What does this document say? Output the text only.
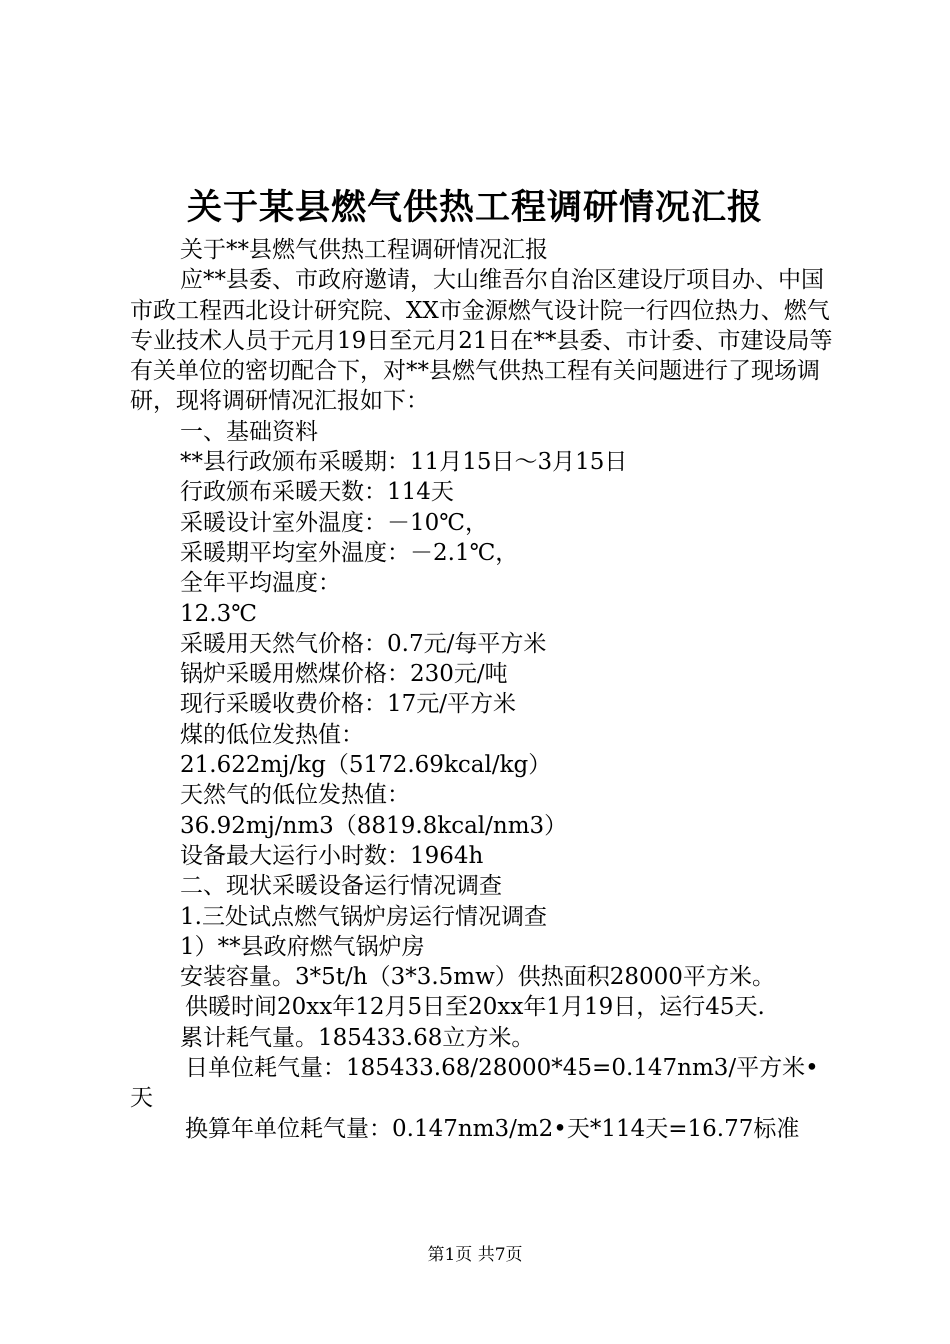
关于某县燃气供热工程调研情况汇报

关于**县燃气供热工程调研情况汇报

应**县委、市政府邀请，大山维吾尔自治区建设厅项目办、中国市政工程西北设计研究院、XX市金源燃气设计院一行四位热力、燃气专业技术人员于元月19日至元月21日在**县委、市计委、市建设局等有关单位的密切配合下，对**县燃气供热工程有关问题进行了现场调研，现将调研情况汇报如下：

一、基础资料

**县行政颁布采暖期：11月15日～3月15日

行政颁布采暖天数：114天

采暖设计室外温度：－10℃，

采暖期平均室外温度：－2.1℃，

全年平均温度：

12.3℃

采暖用天然气价格：0.7元/每平方米

锅炉采暖用燃煤价格：230元/吨

现行采暖收费价格：17元/平方米

煤的低位发热值：

21.622mj/kg（5172.69kcal/kg）

天然气的低位发热值：

36.92mj/nm3（8819.8kcal/nm3）

设备最大运行小时数：1964h

二、现状采暖设备运行情况调查

1.三处试点燃气锅炉房运行情况调查

1）**县政府燃气锅炉房

安装容量。3*5t/h（3*3.5mw）供热面积28000平方米。

供暖时间20xx年12月5日至20xx年1月19日，运行45天.

累计耗气量。185433.68立方米。

日单位耗气量：185433.68/28000*45=0.147nm3/平方米•天

换算年单位耗气量：0.147nm3/m2•天*114天=16.77标准

第1页 共7页
